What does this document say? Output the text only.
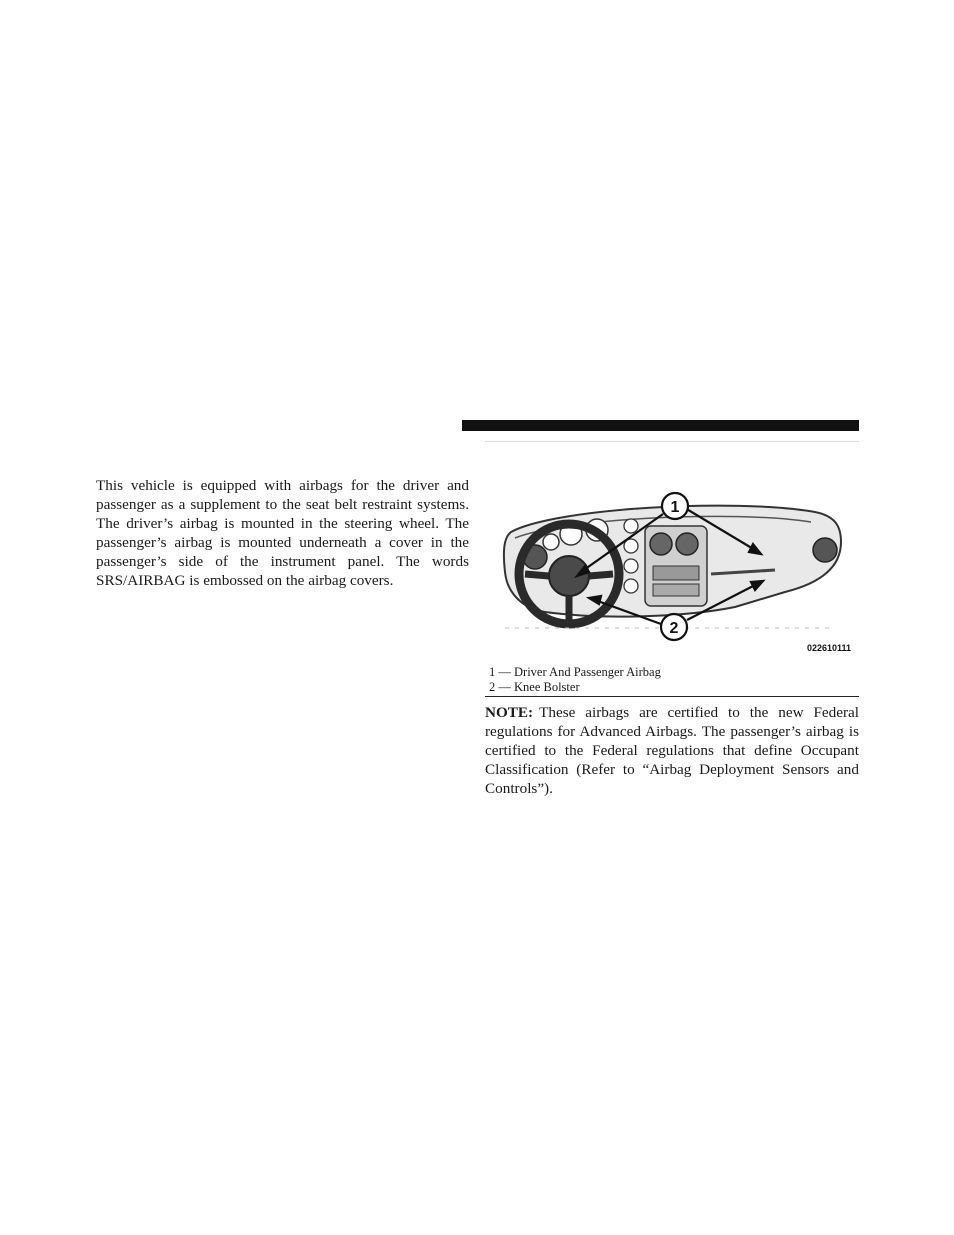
This vehicle is equipped with airbags for the driver and passenger as a supplement to the seat belt restraint systems. The driver’s airbag is mounted in the steering wheel. The passenger’s airbag is mounted underneath a cover in the passenger’s side of the instrument panel. The words SRS/AIRBAG is embossed on the airbag covers.
1
2
022610111
1 — Driver And Passenger Airbag
2 — Knee Bolster
NOTE: These airbags are certified to the new Federal regulations for Advanced Airbags. The passenger’s airbag is certified to the Federal regulations that define Occupant Classification (Refer to “Airbag Deployment Sensors and Controls”).
